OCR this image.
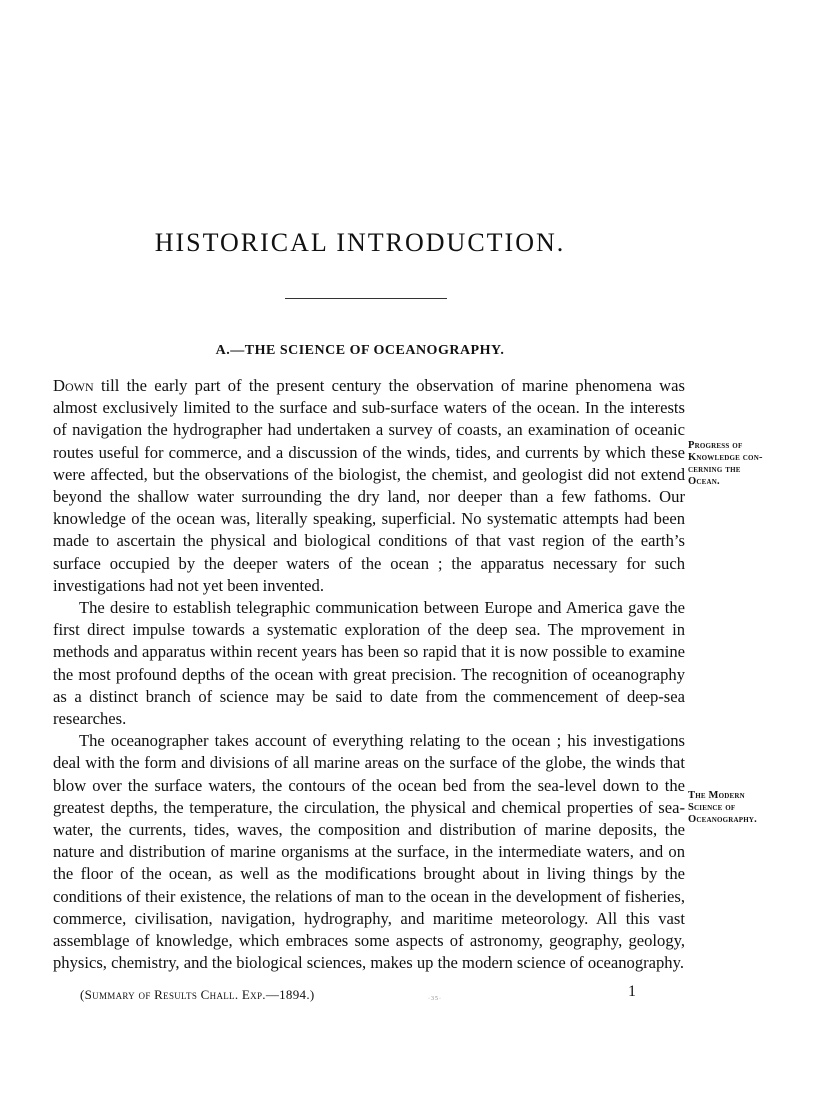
HISTORICAL INTRODUCTION.
A.—THE SCIENCE OF OCEANOGRAPHY.

Down till the early part of the present century the observation of marine phenomena was almost exclusively limited to the surface and sub-surface waters of the ocean. In the interests of navigation the hydrographer had undertaken a survey of coasts, an examination of oceanic routes useful for commerce, and a discussion of the winds, tides, and currents by which these were affected, but the observations of the biologist, the chemist, and geologist did not extend beyond the shallow water surrounding the dry land, nor deeper than a few fathoms. Our knowledge of the ocean was, literally speaking, superficial. No systematic attempts had been made to ascertain the physical and biological conditions of that vast region of the earth’s surface occupied by the deeper waters of the ocean ; the apparatus necessary for such investigations had not yet been invented.

The desire to establish telegraphic communication between Europe and America gave the first direct impulse towards a systematic exploration of the deep sea. The mprovement in methods and apparatus within recent years has been so rapid that it is now possible to examine the most profound depths of the ocean with great precision. The recognition of oceanography as a distinct branch of science may be said to date from the commencement of deep-sea researches.

The oceanographer takes account of everything relating to the ocean ; his investigations deal with the form and divisions of all marine areas on the surface of the globe, the winds that blow over the surface waters, the contours of the ocean bed from the sea-level down to the greatest depths, the temperature, the circulation, the physical and chemical properties of sea-water, the currents, tides, waves, the composition and distribution of marine deposits, the nature and distribution of marine organisms at the surface, in the intermediate waters, and on the floor of the ocean, as well as the modifications brought about in living things by the conditions of their existence, the relations of man to the ocean in the development of fisheries, commerce, civilisation, navigation, hydrography, and maritime meteorology. All this vast assemblage of knowledge, which embraces some aspects of astronomy, geography, geology, physics, chemistry, and the biological sciences, makes up the modern science of oceanography.

Progress of
Knowledge con-
cerning the
Ocean.
The Modern
Science of
Oceanography.
(Summary of Results Chall. Exp.—1894.)	1
·35·
